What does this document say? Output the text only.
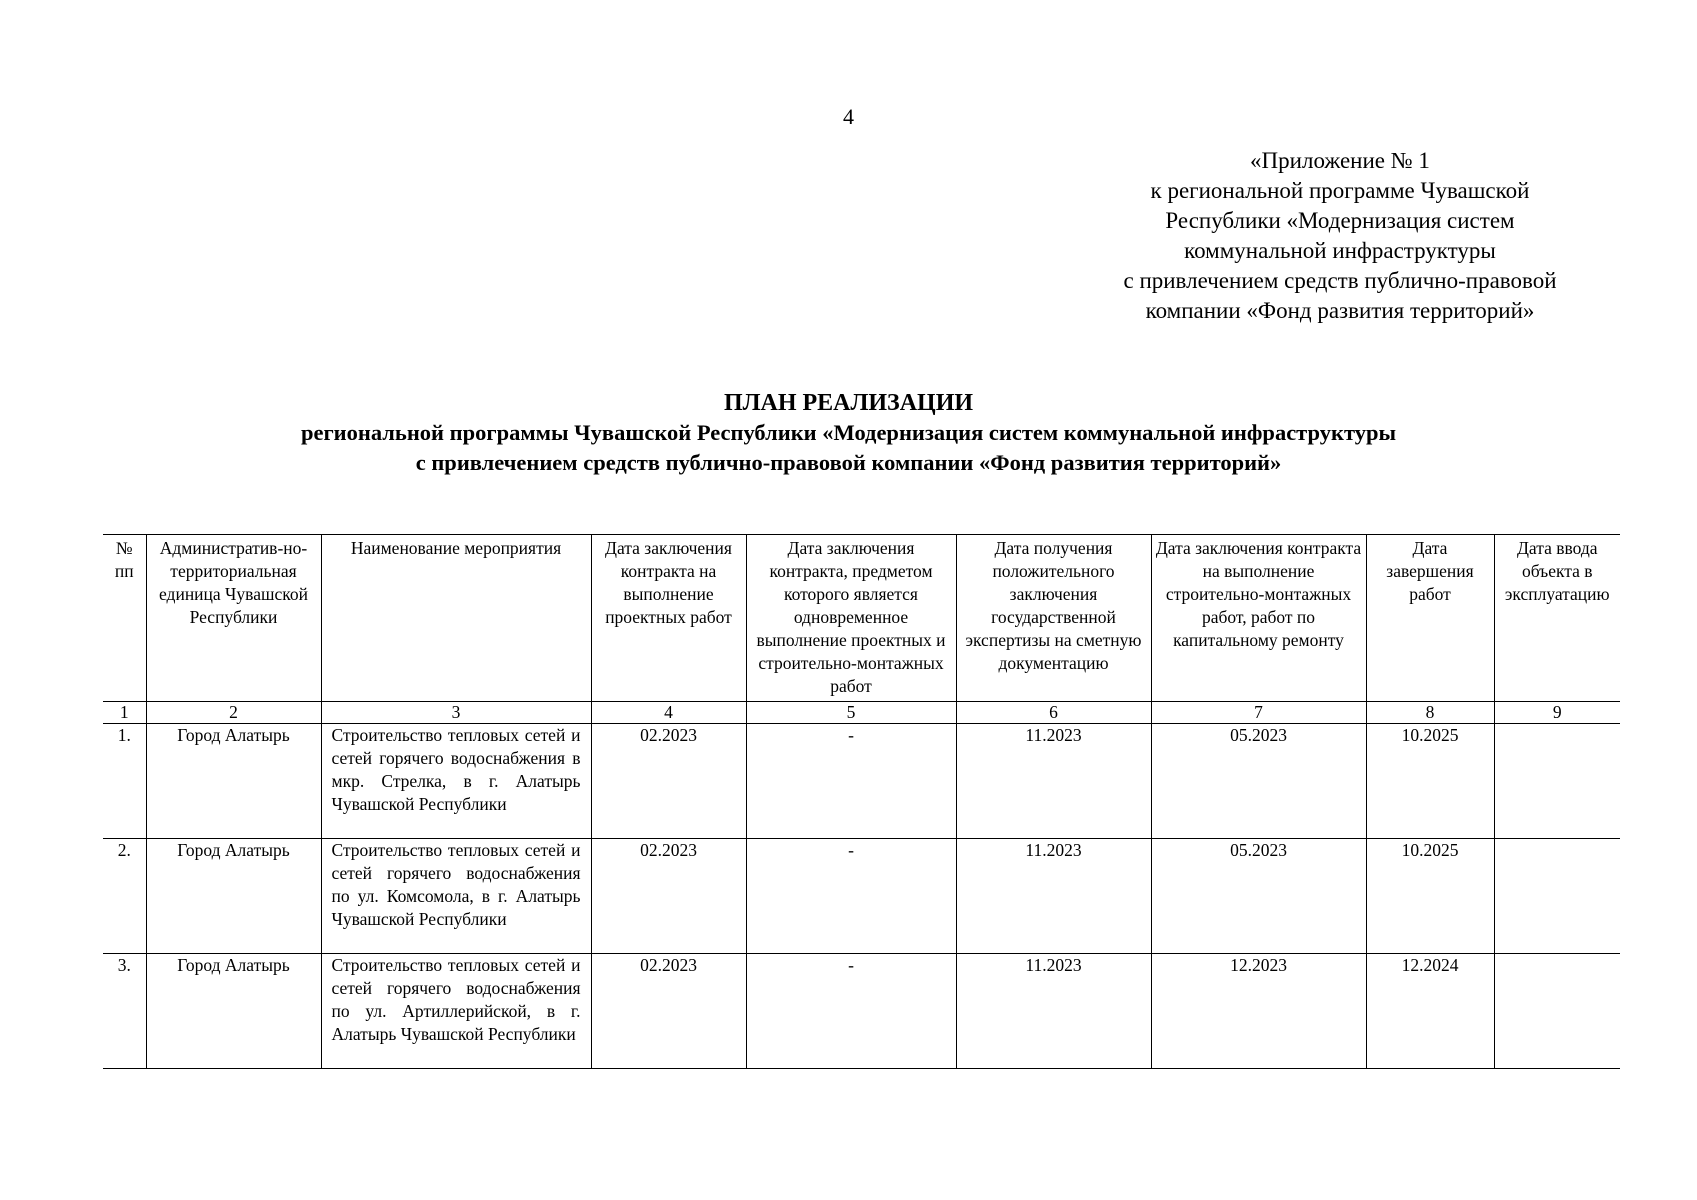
4
«Приложение № 1
к региональной программе Чувашской
Республики «Модернизация систем
коммунальной инфраструктуры
с привлечением средств публично-правовой
компании «Фонд развития территорий»
ПЛАН РЕАЛИЗАЦИИ
региональной программы Чувашской Республики «Модернизация систем коммунальной инфраструктуры
с привлечением средств публично-правовой компании «Фонд развития территорий»
№ пп	Административ-но-территориальная единица Чувашской Республики	Наименование мероприятия	Дата заключения контракта на выполнение проектных работ	Дата заключения контракта, предметом которого является одновременное выполнение проектных и строительно-монтажных работ	Дата получения положительного заключения государственной экспертизы на сметную документацию	Дата заключения контракта на выполнение строительно-монтажных работ, работ по капитальному ремонту	Дата завершения работ	Дата ввода объекта в эксплуатацию
1	2	3	4	5	6	7	8	9
1.	Город Алатырь	Строительство тепловых сетей и сетей горячего водоснабжения в мкр. Стрелка, в г. Алатырь Чувашской Республики	02.2023	-	11.2023	05.2023	10.2025	
2.	Город Алатырь	Строительство тепловых сетей и сетей горячего водоснабжения по ул. Комсомола, в г. Алатырь Чувашской Республики	02.2023	-	11.2023	05.2023	10.2025	
3.	Город Алатырь	Строительство тепловых сетей и сетей горячего водоснабжения по ул. Артиллерийской, в г. Алатырь Чувашской Республики	02.2023	-	11.2023	12.2023	12.2024	
